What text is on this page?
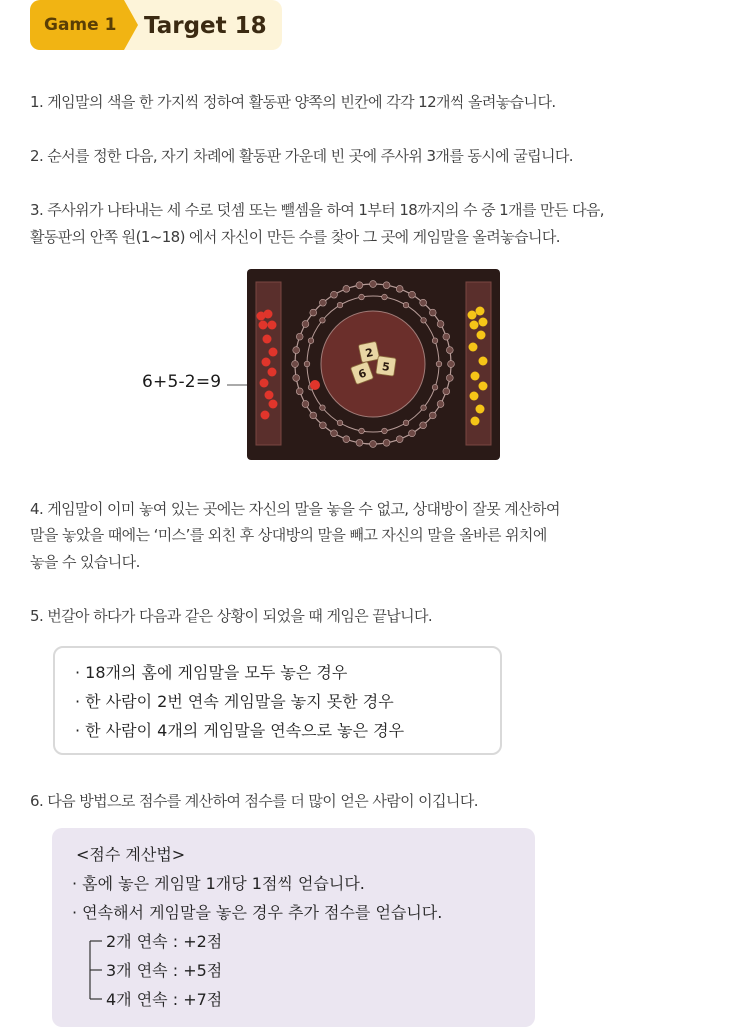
Game 1	Target 18
1. 게임말의 색을 한 가지씩 정하여 활동판 양쪽의 빈칸에 각각 12개씩 올려놓습니다.
2. 순서를 정한 다음, 자기 차례에 활동판 가운데 빈 곳에 주사위 3개를 동시에 굴립니다.
3. 주사위가 나타내는 세 수로 덧셈 또는 뺄셈을 하여 1부터 18까지의 수 중 1개를 만든 다음,
활동판의 안쪽 원(1~18) 에서 자신이 만든 수를 찾아 그 곳에 게임말을 올려놓습니다.
6+5-2=9
2
5
6
4. 게임말이 이미 놓여 있는 곳에는 자신의 말을 놓을 수 없고, 상대방이 잘못 계산하여
말을 놓았을 때에는 ‘미스’를 외친 후 상대방의 말을 빼고 자신의 말을 올바른 위치에
놓을 수 있습니다.
5. 번갈아 하다가 다음과 같은 상황이 되었을 때 게임은 끝납니다.
· 18개의 홈에 게임말을 모두 놓은 경우
· 한 사람이 2번 연속 게임말을 놓지 못한 경우
· 한 사람이 4개의 게임말을 연속으로 놓은 경우
6. 다음 방법으로 점수를 계산하여 점수를 더 많이 얻은 사람이 이깁니다.
<점수 계산법>
· 홈에 놓은 게임말 1개당 1점씩 얻습니다.
· 연속해서 게임말을 놓은 경우 추가 점수를 얻습니다.
2개 연속 : +2점
3개 연속 : +5점
4개 연속 : +7점
